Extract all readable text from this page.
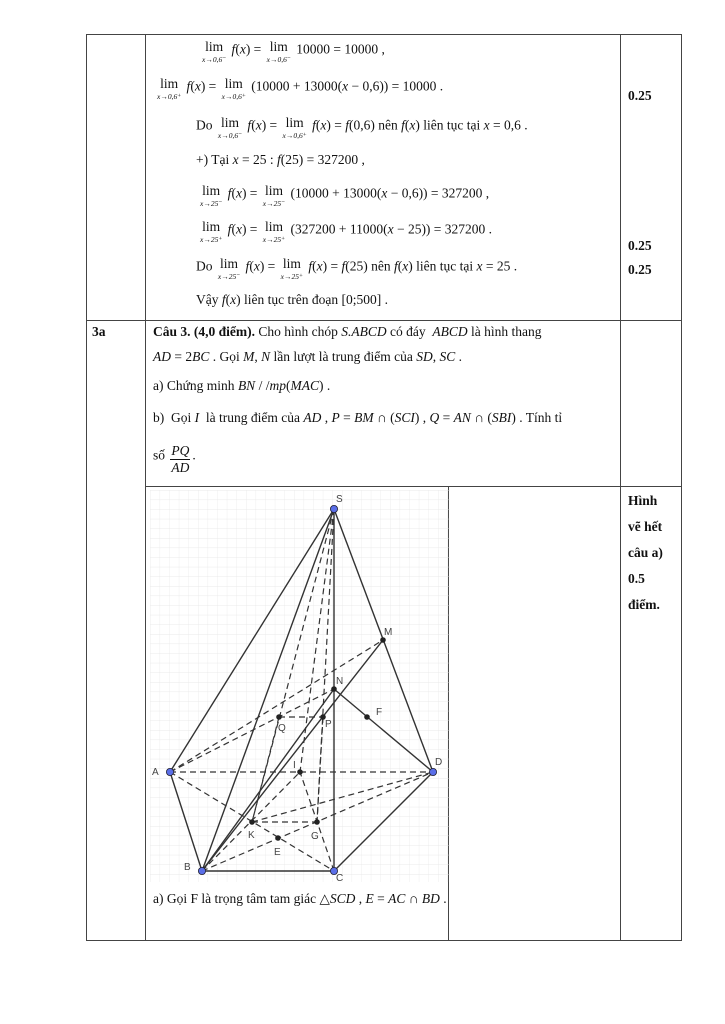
lim
x→0,6⁻
f(x) = lim
x→0,6⁻
10000 = 10000 ,
lim
x→0,6⁺
f(x) = lim
x→0,6⁺
(10000 + 13000(x − 0,6)) = 10000 .
Do lim
x→0,6⁻
f(x) = lim
x→0,6⁺
f(x) = f(0,6) nên f(x) liên tục tại x = 0,6 .
+) Tại x = 25 : f(25) = 327200 ,
lim
x→25⁻
f(x) = lim
x→25⁻
(10000 + 13000(x − 0,6)) = 327200 ,
lim
x→25⁺
f(x) = lim
x→25⁺
(327200 + 11000(x − 25)) = 327200 .
Do lim
x→25⁻
f(x) = lim
x→25⁺
f(x) = f(25) nên f(x) liên tục tại x = 25 .
Vậy f(x) liên tục trên đoạn [0;500] .
0.25
0.25
0.25
3a	Câu 3. (4,0 điểm). Cho hình chóp S.ABCD có đáy  ABCD là hình thang
AD = 2BC . Gọi M, N lần lượt là trung điểm của SD, SC .
a) Chứng minh BN / /mp(MAC) .
b)  Gọi I  là trung điểm của AD , P = BM ∩ (SCI) , Q = AN ∩ (SBI) . Tính tỉ
số $\frac{PQ}{AD}$ .
Hình
vẽ hết
câu a)
0.5
điểm.
S
M
N
F
P
Q
A
D
I
K	G
E
B
C
a) Gọi F là trọng tâm tam giác △SCD , E = AC ∩ BD .
